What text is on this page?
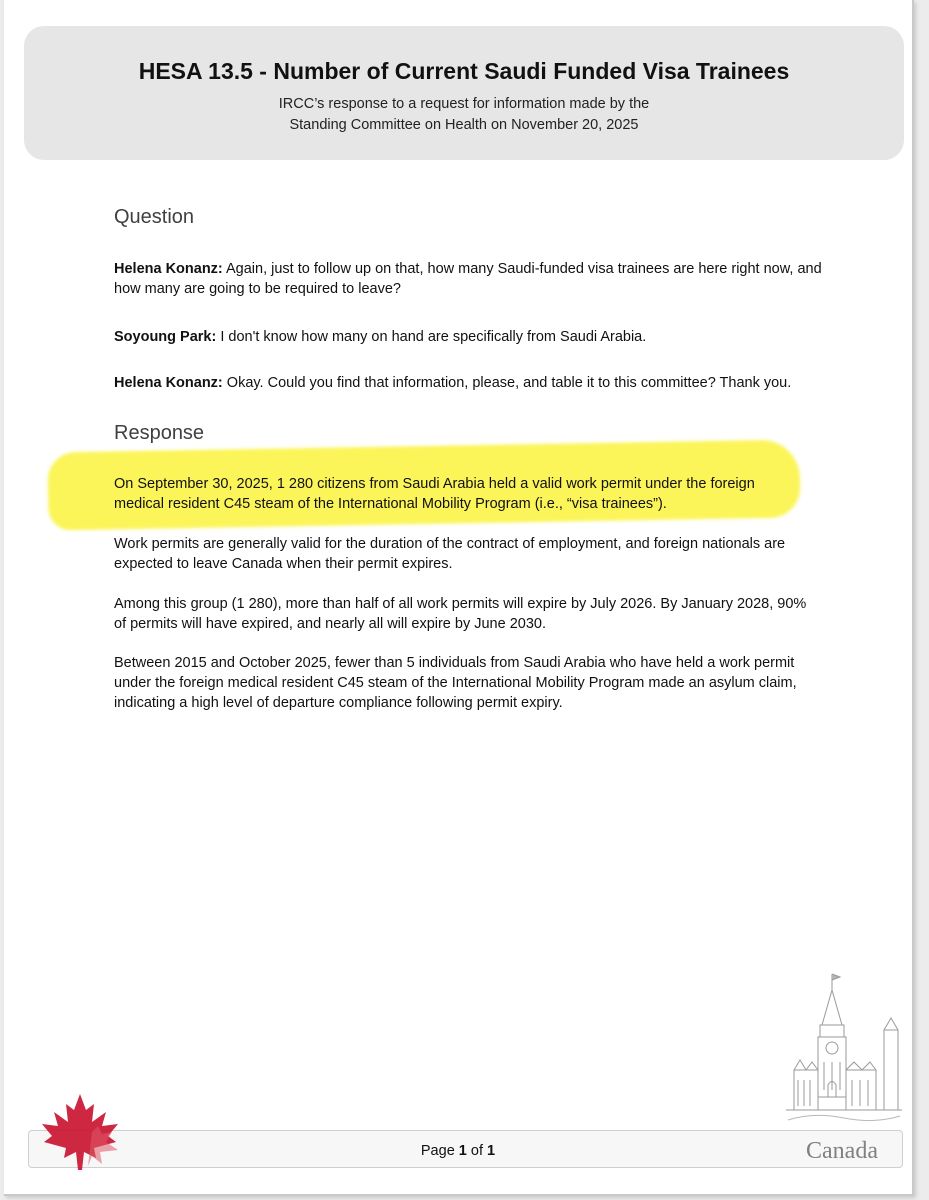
HESA 13.5 - Number of Current Saudi Funded Visa Trainees
IRCC’s response to a request for information made by the
Standing Committee on Health on November 20, 2025
Question

Helena Konanz: Again, just to follow up on that, how many Saudi-funded visa trainees are here right now, and how many are going to be required to leave?

Soyoung Park: I don't know how many on hand are specifically from Saudi Arabia.

Helena Konanz: Okay. Could you find that information, please, and table it to this committee? Thank you.

Response

On September 30, 2025, 1 280 citizens from Saudi Arabia held a valid work permit under the foreign medical resident C45 steam of the International Mobility Program (i.e., “visa trainees”).

Work permits are generally valid for the duration of the contract of employment, and foreign nationals are expected to leave Canada when their permit expires.

Among this group (1 280), more than half of all work permits will expire by July 2026. By January 2028, 90% of permits will have expired, and nearly all will expire by June 2030.

Between 2015 and October 2025, fewer than 5 individuals from Saudi Arabia who have held a work permit under the foreign medical resident C45 steam of the International Mobility Program made an asylum claim, indicating a high level of departure compliance following permit expiry.

Page 1 of 1	Canada
